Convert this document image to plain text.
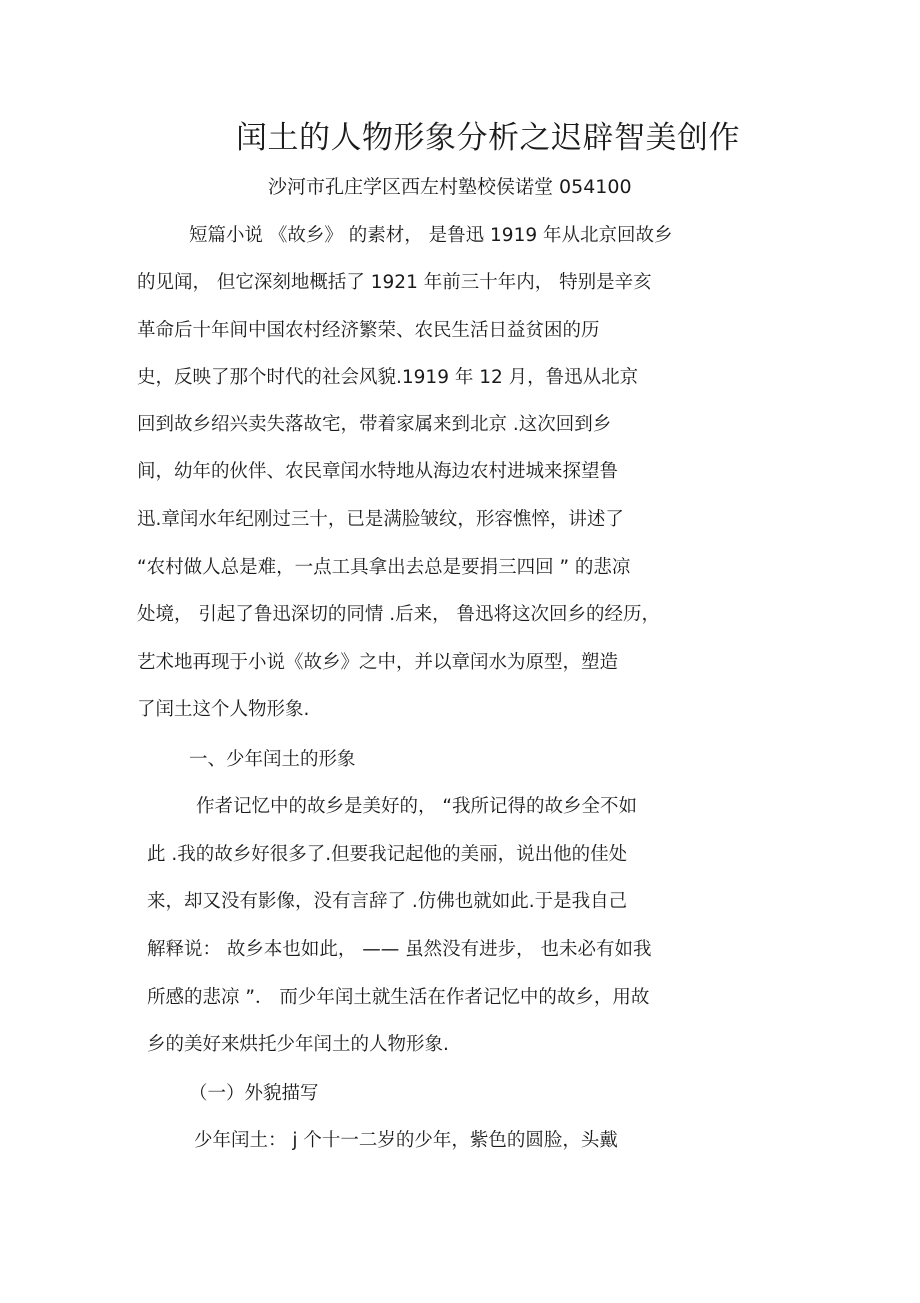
闰土的人物形象分析之迟辟智美创作
沙河市孔庄学区西左村塾校侯诺堂 054100
短篇小说 《故乡》 的素材， 是鲁迅 1919 年从北京回故乡
的见闻， 但它深刻地概括了 1921 年前三十年内， 特别是辛亥
革命后十年间中国农村经济繁荣、农民生活日益贫困的历
史，反映了那个时代的社会风貌.1919 年 12 月，鲁迅从北京
回到故乡绍兴卖失落故宅，带着家属来到北京 .这次回到乡
间，幼年的伙伴、农民章闰水特地从海边农村进城来探望鲁
迅.章闰水年纪刚过三十，已是满脸皱纹，形容憔悴，讲述了
“农村做人总是难，一点工具拿出去总是要捐三四回 ” 的悲凉
处境， 引起了鲁迅深切的同情 .后来， 鲁迅将这次回乡的经历，
艺术地再现于小说《故乡》之中，并以章闰水为原型，塑造
了闰土这个人物形象.
一、少年闰土的形象
作者记忆中的故乡是美好的， “我所记得的故乡全不如
此 .我的故乡好很多了.但要我记起他的美丽，说出他的佳处
来，却又没有影像，没有言辞了 .仿佛也就如此.于是我自己
解释说： 故乡本也如此， —— 虽然没有进步， 也未必有如我
所感的悲凉 ”． 而少年闰土就生活在作者记忆中的故乡，用故
乡的美好来烘托少年闰土的人物形象.
（一）外貌描写
少年闰土： j 个十一二岁的少年，紫色的圆脸，头戴
